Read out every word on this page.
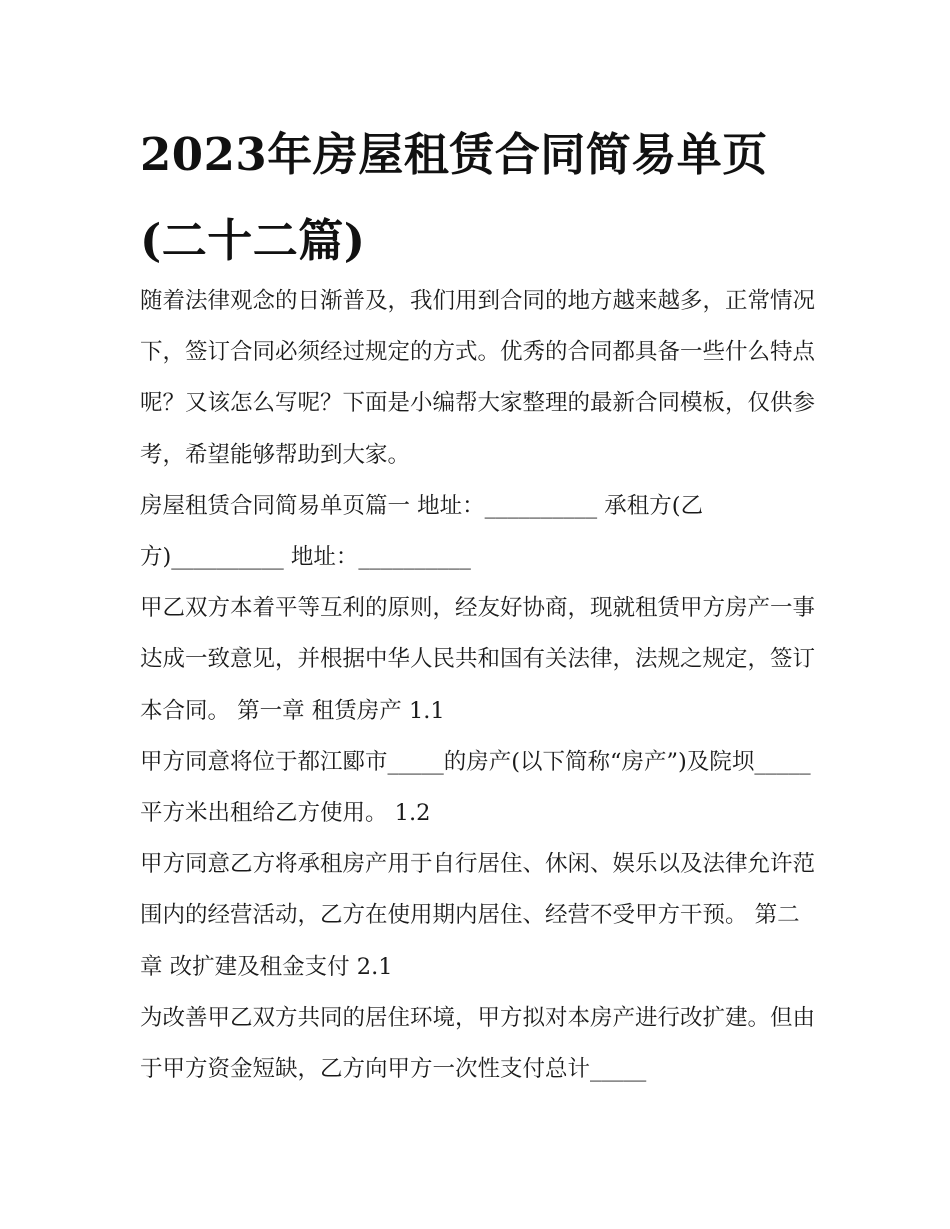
2023年房屋租赁合同简易单页(二十二篇)

随着法律观念的日渐普及，我们用到合同的地方越来越多，正常情况下，签订合同必须经过规定的方式。优秀的合同都具备一些什么特点呢？又该怎么写呢？下面是小编帮大家整理的最新合同模板，仅供参考，希望能够帮助到大家。

房屋租赁合同简易单页篇一 地址：__________ 承租方(乙方)__________ 地址：__________

甲乙双方本着平等互利的原则，经友好协商，现就租赁甲方房产一事达成一致意见，并根据中华人民共和国有关法律，法规之规定，签订本合同。 第一章 租赁房产 1.1

甲方同意将位于都江郾市_____的房产(以下简称“房产”)及院坝_____平方米出租给乙方使用。 1.2

甲方同意乙方将承租房产用于自行居住、休闲、娱乐以及法律允许范围内的经营活动，乙方在使用期内居住、经营不受甲方干预。 第二章 改扩建及租金支付 2.1

为改善甲乙双方共同的居住环境，甲方拟对本房产进行改扩建。但由于甲方资金短缺，乙方向甲方一次性支付总计_____
